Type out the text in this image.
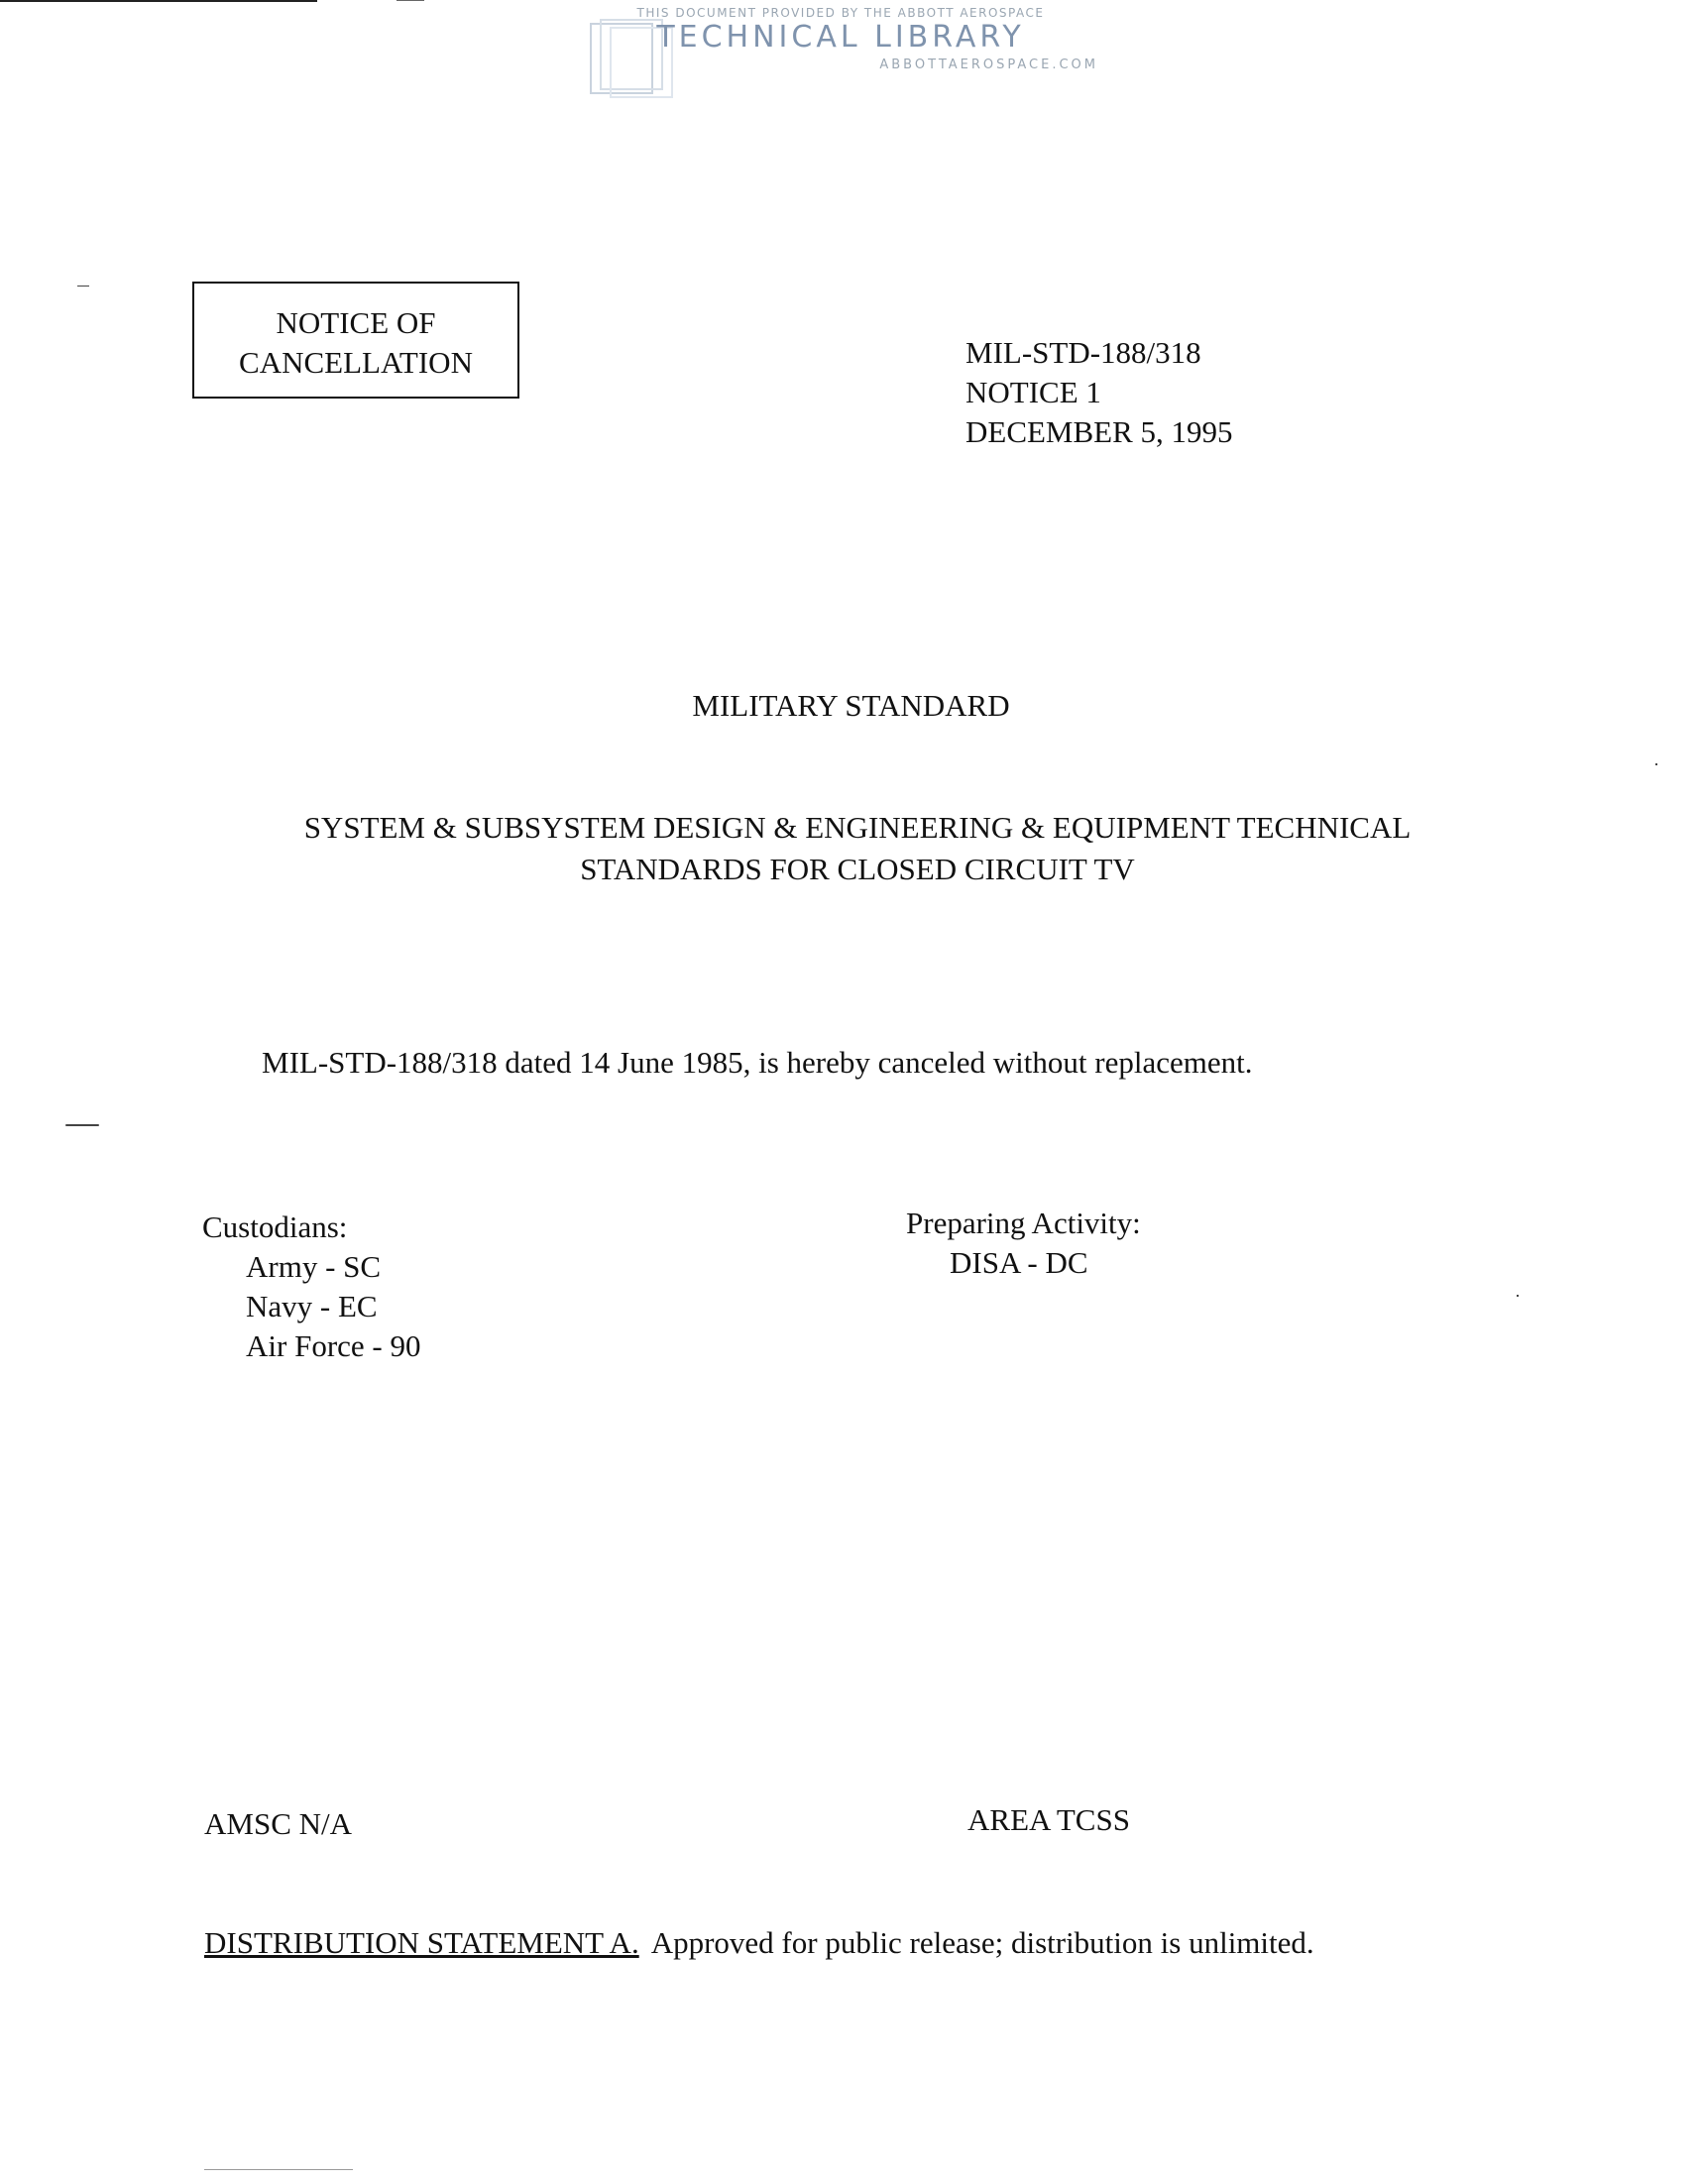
THIS DOCUMENT PROVIDED BY THE ABBOTT AEROSPACE
TECHNICAL LIBRARY
ABBOTTAEROSPACE.COM
NOTICE OF
CANCELLATION	MIL-STD-188/318
NOTICE 1
DECEMBER 5, 1995
MILITARY STANDARD
SYSTEM & SUBSYSTEM DESIGN & ENGINEERING & EQUIPMENT TECHNICAL
STANDARDS FOR CLOSED CIRCUIT TV
MIL-STD-188/318 dated 14 June 1985, is hereby canceled without replacement.
Custodians:
Army - SC
Navy - EC
Air Force - 90
Preparing Activity:
DISA - DC
AMSC N/A	AREA TCSS
DISTRIBUTION STATEMENT A. Approved for public release; distribution is unlimited.
